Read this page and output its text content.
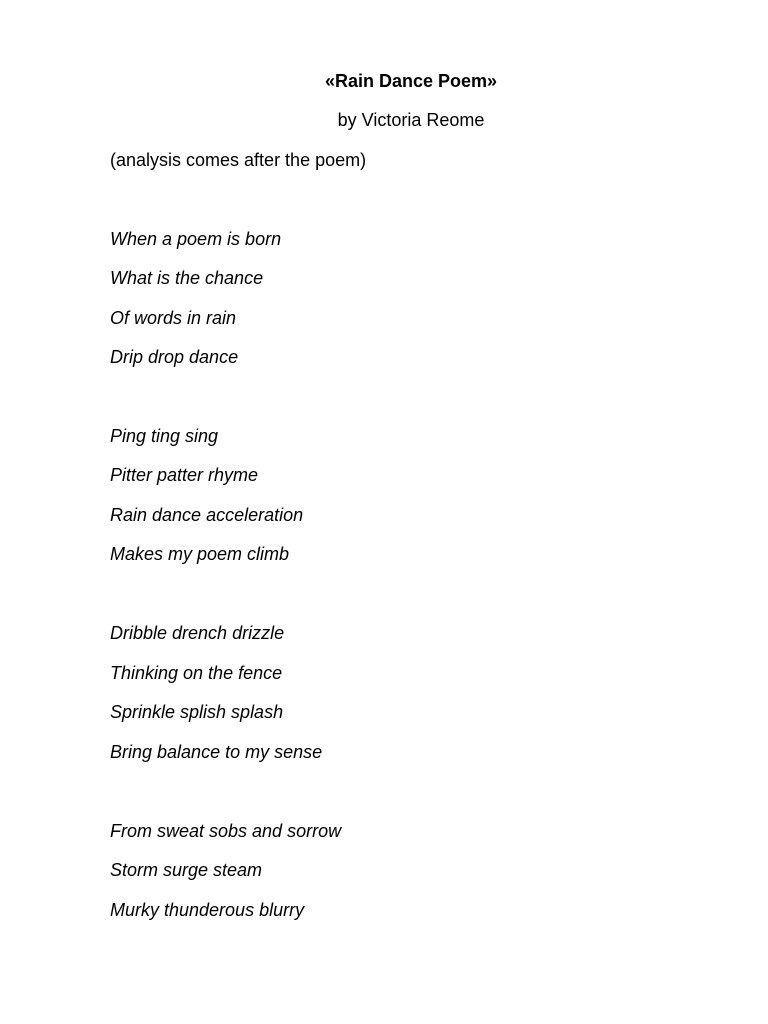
«Rain Dance Poem»
by Victoria Reome
(analysis comes after the poem)
When a poem is born
What is the chance
Of words in rain
Drip drop dance
Ping ting sing
Pitter patter rhyme
Rain dance acceleration
Makes my poem climb
Dribble drench drizzle
Thinking on the fence
Sprinkle splish splash
Bring balance to my sense
From sweat sobs and sorrow
Storm surge steam
Murky thunderous blurry
